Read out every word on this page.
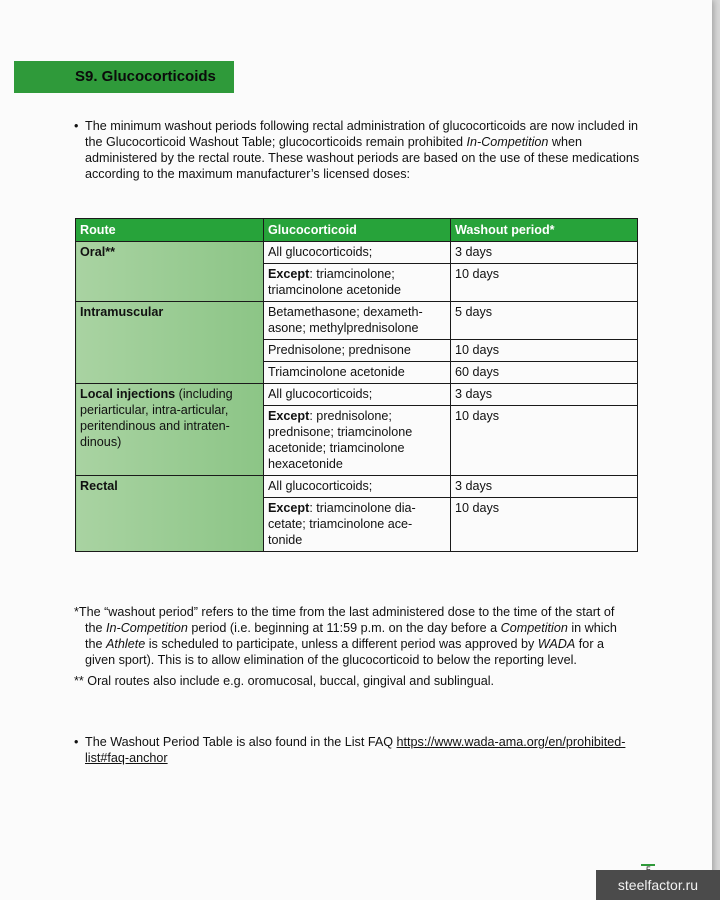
S9. Glucocorticoids
• The minimum washout periods following rectal administration of glucocorticoids are now included in the Glucocorticoid Washout Table; glucocorticoids remain prohibited In-Competition when administered by the rectal route. These washout periods are based on the use of these medications according to the maximum manufacturer’s licensed doses:
Route	Glucocorticoid	Washout period*
Oral**	All glucocorticoids;	3 days
	Except: triamcinolone; triamcinolone acetonide	10 days
Intramuscular	Betamethasone; dexameth-asone; methylprednisolone	5 days
	Prednisolone; prednisone	10 days
	Triamcinolone acetonide	60 days
Local injections (including periarticular, intra-articular, peritendinous and intraten-dinous)	All glucocorticoids;	3 days
	Except: prednisolone; prednisone; triamcinolone acetonide; triamcinolone hexacetonide	10 days
Rectal	All glucocorticoids;	3 days
	Except: triamcinolone dia-cetate; triamcinolone ace-tonide	10 days
*The “washout period” refers to the time from the last administered dose to the time of the start of the In-Competition period (i.e. beginning at 11:59 p.m. on the day before a Competition in which the Athlete is scheduled to participate, unless a different period was approved by WADA for a given sport). This is to allow elimination of the glucocorticoid to below the reporting level.
** Oral routes also include e.g. oromucosal, buccal, gingival and sublingual.
• The Washout Period Table is also found in the List FAQ https://www.wada-ama.org/en/prohibited-list#faq-anchor
steelfactor.ru
